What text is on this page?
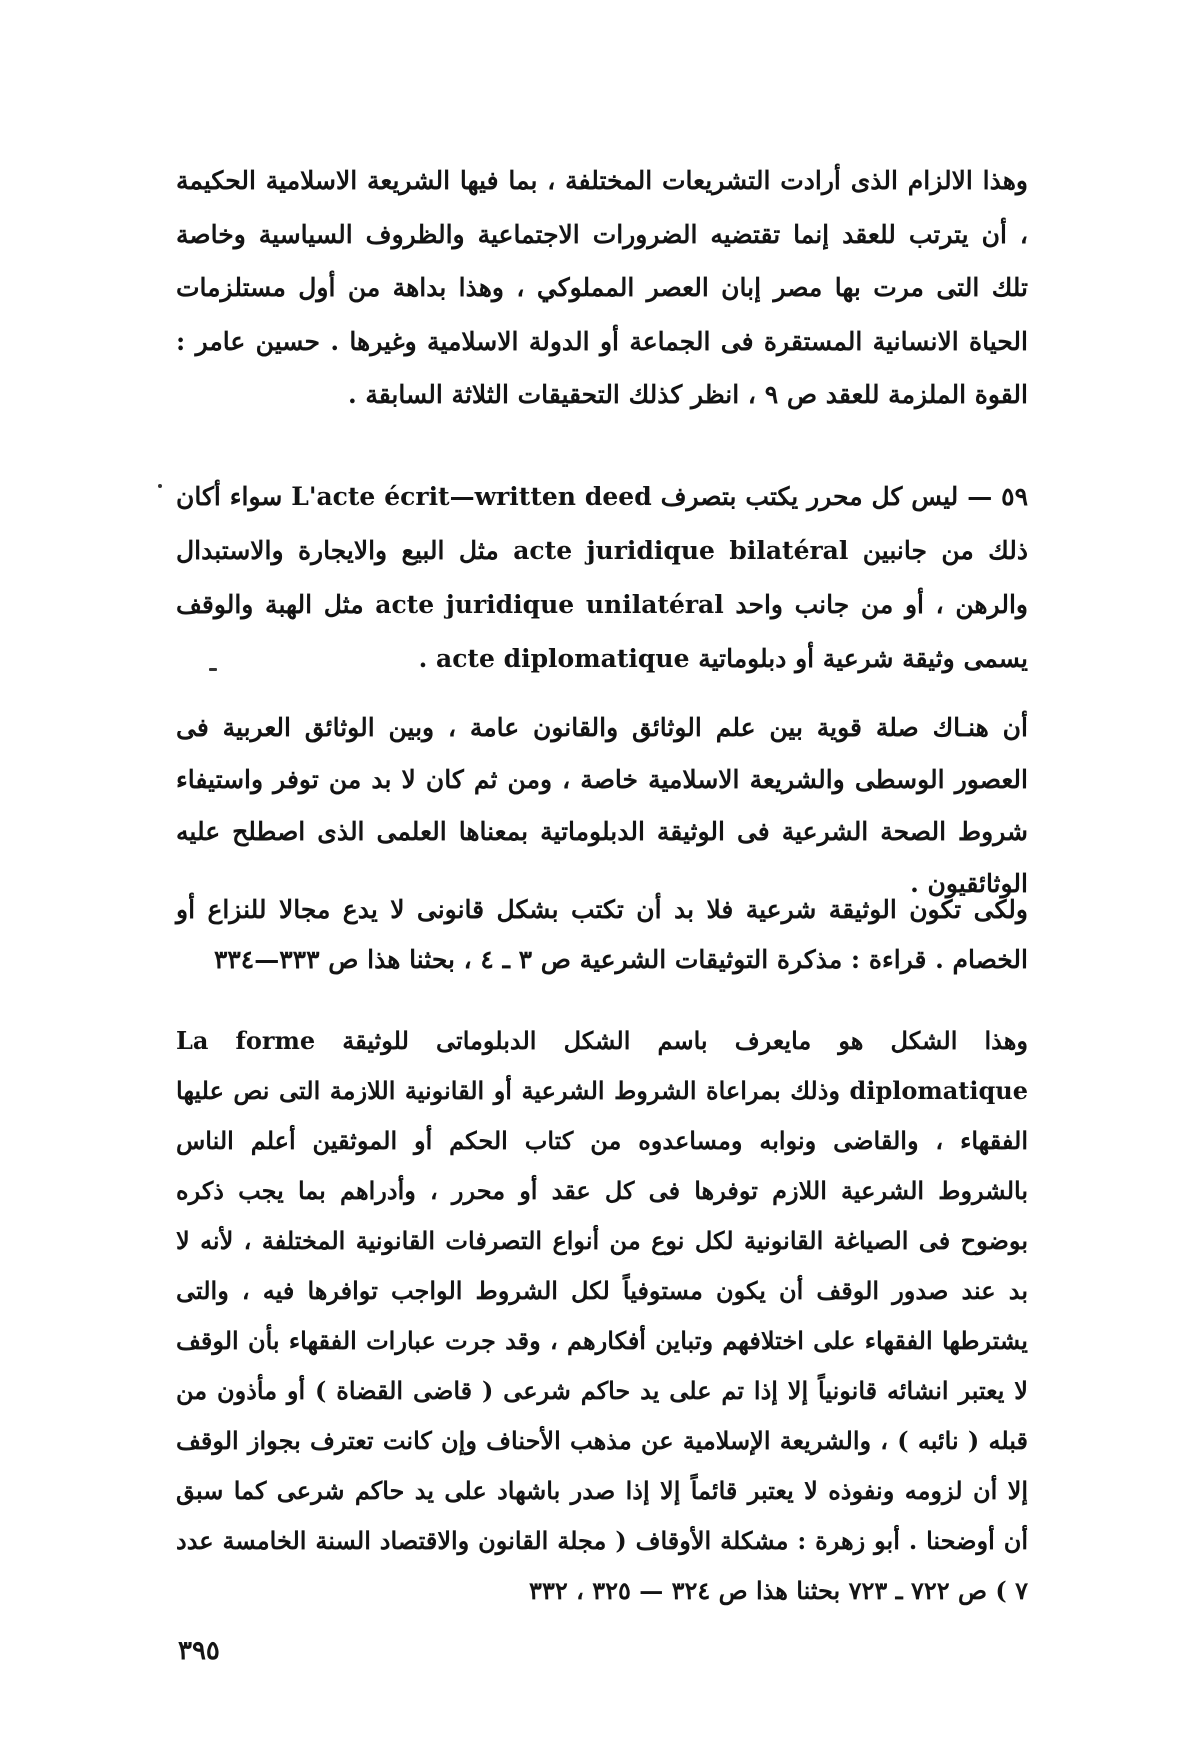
وهذا الالزام الذى أرادت التشريعات المختلفة ، بما فيها الشريعة الاسلامية الحكيمة ، أن يترتب للعقد إنما تقتضيه الضرورات الاجتماعية والظروف السياسية وخاصة تلك التى مرت بها مصر إبان العصر المملوكي ، وهذا بداهة من أول مستلزمات الحياة الانسانية المستقرة فى الجماعة أو الدولة الاسلامية وغيرها . حسين عامر : القوة الملزمة للعقد ص ٩ ، انظر كذلك التحقيقات الثلاثة السابقة .

٥٩ — ليس كل محرر يكتب بتصرف L'acte écrit—written deed سواء أكان ذلك من جانبين acte juridique bilatéral مثل البيع والايجارة والاستبدال والرهن ، أو من جانب واحد acte juridique unilatéral مثل الهبة والوقف يسمى وثيقة شرعية أو دبلوماتية acte diplomatique .

أن هنـاك صلة قوية بين علم الوثائق والقانون عامة ، وبين الوثائق العربية فى العصور الوسطى والشريعة الاسلامية خاصة ، ومن ثم كان لا بد من توفر واستيفاء شروط الصحة الشرعية فى الوثيقة الدبلوماتية بمعناها العلمى الذى اصطلح عليه الوثائقيون .

ولكى تكون الوثيقة شرعية فلا بد أن تكتب بشكل قانونى لا يدع مجالا للنزاع أو الخصام . قراءة : مذكرة التوثيقات الشرعية ص ٣ ـ ٤ ، بحثنا هذا ص ٣٣٣—٣٣٤

وهذا الشكل هو مايعرف باسم الشكل الدبلوماتى للوثيقة La forme diplomatique وذلك بمراعاة الشروط الشرعية أو القانونية اللازمة التى نص عليها الفقهاء ، والقاضى ونوابه ومساعدوه من كتاب الحكم أو الموثقين أعلم الناس بالشروط الشرعية اللازم توفرها فى كل عقد أو محرر ، وأدراهم بما يجب ذكره بوضوح فى الصياغة القانونية لكل نوع من أنواع التصرفات القانونية المختلفة ، لأنه لا بد عند صدور الوقف أن يكون مستوفياً لكل الشروط الواجب توافرها فيه ، والتى يشترطها الفقهاء على اختلافهم وتباين أفكارهم ، وقد جرت عبارات الفقهاء بأن الوقف لا يعتبر انشائه قانونياً إلا إذا تم على يد حاكم شرعى ( قاضى القضاة ) أو مأذون من قبله ( نائبه ) ، والشريعة الإسلامية عن مذهب الأحناف وإن كانت تعترف بجواز الوقف إلا أن لزومه ونفوذه لا يعتبر قائماً إلا إذا صدر باشهاد على يد حاكم شرعى كما سبق أن أوضحنا . أبو زهرة : مشكلة الأوقاف ( مجلة القانون والاقتصاد السنة الخامسة عدد ٧ ) ص ٧٢٢ ـ ٧٢٣ بحثنا هذا ص ٣٢٤ — ٣٢٥ ، ٣٣٢

٣٩٥
